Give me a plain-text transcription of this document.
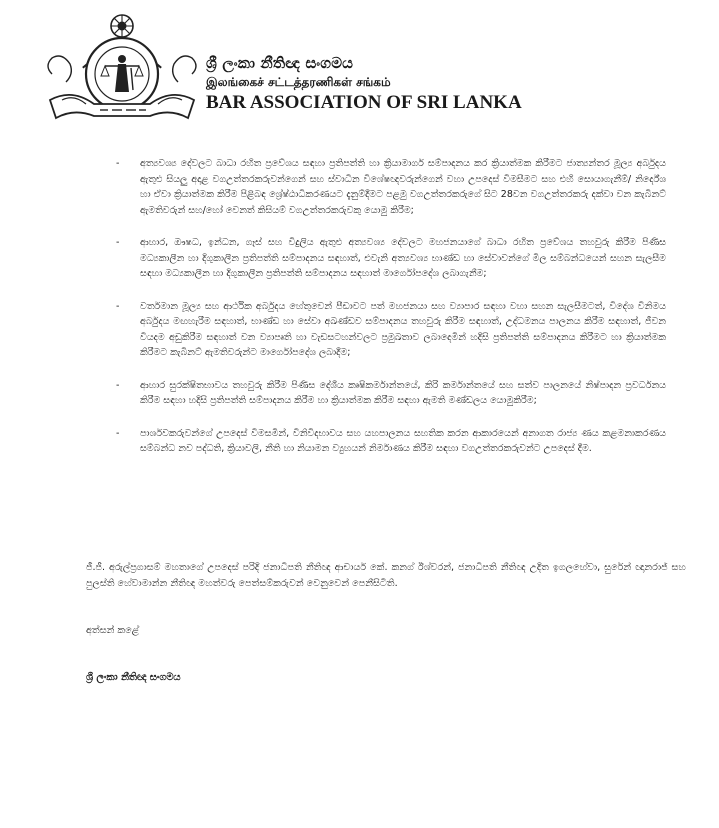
ශ්‍රී ලංකා නීතිඥ සංගමය
இலங்கைச் சட்டத்தரணிகள் சங்கம்
BAR ASSOCIATION OF SRI LANKA
- අත්‍යවශ්‍ය දේවලට බාධා රහිත ප්‍රවේශය සඳහා ප්‍රතිපත්ති හා ක්‍රියාමාර්ග සම්පාදනය කර ක්‍රියාත්මක කිරීමට ජාත්‍යන්තර මූල්‍ය අර්බුදය ඇතුළු සියලු අදාළ වගඋත්තරකරුවන්ගෙන් සහ ස්වාධීන විශේෂඥවරුන්ගෙන් වහා උපදෙස් විමසීමට සහ එහි සොයාගැනීම්/ නිර්දේශ හා ඒවා ක්‍රියාත්මක කිරීම පිළිබඳ ශ්‍රේෂ්ඨාධිකරණයට දැනුම්දීමට පළමු වගඋත්තරකරුගේ සිට 28වන වගඋත්තරකරු දක්වා වන කැබිනට් ඇමතිවරුන් සහ/හෝ වෙනත් කිසියම් වගඋත්තරකරුවකු යොමු කිරීම;
- ආහාර, ඖෂධ, ඉන්ධන, ගෑස් සහ විදුලිය ඇතුළු අත්‍යවශ්‍ය දේවලට මහජනයාගේ බාධා රහිත ප්‍රවේශය තහවුරු කිරීම පිණිස මධ්‍යකාලීන හා දිගුකාලීන ප්‍රතිපත්ති සම්පාදනය සඳහාත්, එවැනි අත්‍යවශ්‍ය භාණ්ඩ හා සේවාවන්ගේ මිල සම්බන්ධයෙන් සහන සැලසීම සඳහා මධ්‍යකාලීන හා දිගුකාලීන ප්‍රතිපත්ති සම්පාදනය සඳහාත් මාර්ගෝපදේශ ලබාගැනීම;
- වර්තමාන මූල්‍ය සහ ආර්ථික අර්බුදය හේතුවෙන් පීඩාවට පත් මහජනයා සහ ව්‍යාපාර සඳහා වහා සහන සැලසීමටත්, විදේශ විනිමය අර්බුදය මඟහැරීම සඳහාත්, භාණ්ඩ හා සේවා අඛණ්ඩව සම්පාදනය තහවුරු කිරීම සඳහාත්, උද්ධමනය පාලනය කිරීම සඳහාත්, ජීවන වියදම අඩුකිරීම සඳහාත් වන ව්‍යාපෘති හා වැඩසටහන්වලට ප්‍රමුඛතාව ලබාදෙමින් හදිසි ප්‍රතිපත්ති සම්පාදනය කිරීමට හා ක්‍රියාත්මක කිරීමට කැබිනට් ඇමතිවරුන්ට මාර්ගෝපදේශ ලබාදීම;
- ආහාර සුරක්ෂිතභාවය තහවුරු කිරීම පිණිස දේශීය කෘෂිකර්මාන්තයේ, කිරි කර්මාන්තයේ සහ සත්ව පාලනයේ නිෂ්පාදන ප්‍රවර්ධනය කිරීම සඳහා හදිසි ප්‍රතිපත්ති සම්පාදනය කිරීම හා ක්‍රියාත්මක කිරීම සඳහා ඇමති මණ්ඩලය යොමුකිරීම;
- පාර්ශවකරුවන්ගේ උපදෙස් විමසමින්, විනිවිදභාවය සහ යහපාලනය සහතික කරන ආකාරයෙන් අනාගත රාජ්‍ය ණය කළමනාකරණය සම්බන්ධ නව පද්ධති, ක්‍රියාවලි, නීති හා නියාමන ව්‍යුහයන් නිර්මාණය කිරීම සඳහා වගඋත්තරකරුවන්ට උපදෙස් දීම.

ජී.ජී. අරුල්ප්‍රගාසම් මහතාගේ උපදෙස් පරිදි ජනාධිපති නීතිඥ ආචාර්ය කේ. කනග් ඊශ්වරන්, ජනාධිපති නීතිඥ උදිත ඉගලහේවා, සුරේන් ඥානරාජ් සහ පුලස්ති හේවාමාන්න නීතිඥ මහත්වරු පෙත්සම්කරුවන් වෙනුවෙන් පෙනීසිටිති.

අත්සන් කළේ
ශ්‍රී ලංකා නීතිඥ සංගමය
